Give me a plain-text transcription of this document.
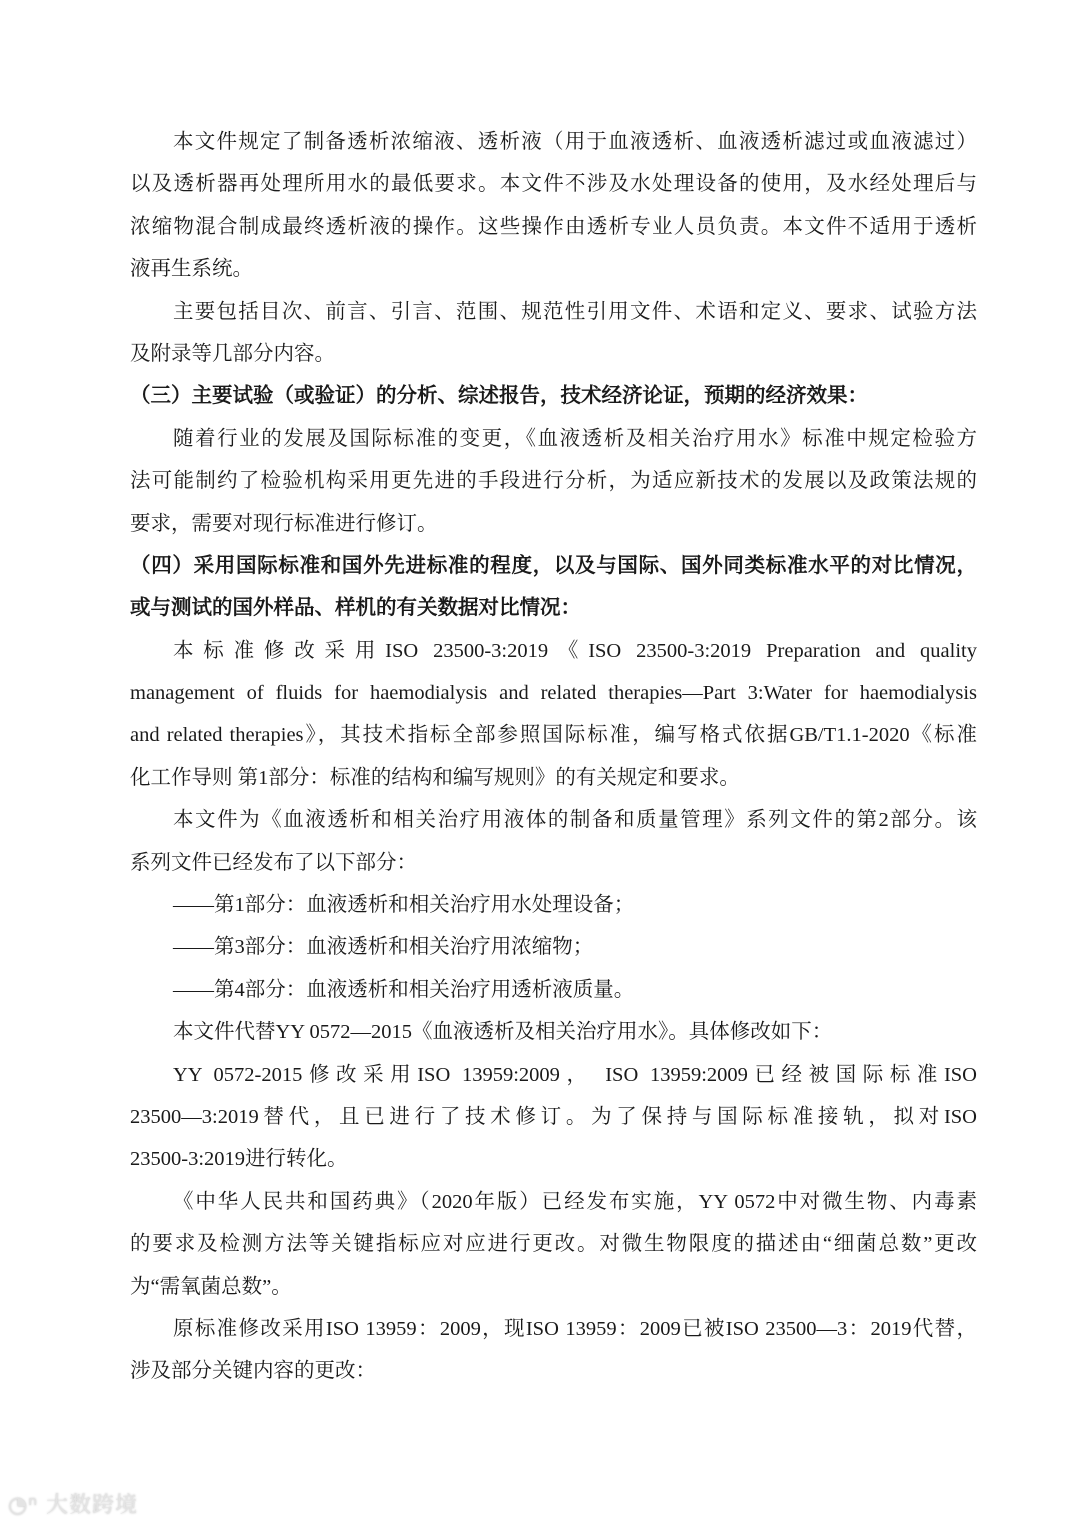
本文件规定了制备透析浓缩液、透析液（用于血液透析、血液透析滤过或血液滤过）
以及透析器再处理所用水的最低要求。本文件不涉及水处理设备的使用，及水经处理后与
浓缩物混合制成最终透析液的操作。这些操作由透析专业人员负责。本文件不适用于透析
液再生系统。
主要包括目次、前言、引言、范围、规范性引用文件、术语和定义、要求、试验方法
及附录等几部分内容。
（三）主要试验（或验证）的分析、综述报告，技术经济论证，预期的经济效果：
随着行业的发展及国际标准的变更，《血液透析及相关治疗用水》标准中规定检验方
法可能制约了检验机构采用更先进的手段进行分析，为适应新技术的发展以及政策法规的
要求，需要对现行标准进行修订。
（四）采用国际标准和国外先进标准的程度，以及与国际、国外同类标准水平的对比情况，
或与测试的国外样品、样机的有关数据对比情况：
本标准修改采用ISO 23500-3:2019《ISO 23500-3:2019 Preparation and quality
management of fluids for haemodialysis and related therapies—Part 3:Water for haemodialysis
and related therapies》，其技术指标全部参照国际标准，编写格式依据GB/T1.1-2020《标准
化工作导则 第1部分：标准的结构和编写规则》的有关规定和要求。
本文件为《血液透析和相关治疗用液体的制备和质量管理》系列文件的第2部分。该
系列文件已经发布了以下部分：
——第1部分：血液透析和相关治疗用水处理设备；
——第3部分：血液透析和相关治疗用浓缩物；
——第4部分：血液透析和相关治疗用透析液质量。
本文件代替YY 0572—2015《血液透析及相关治疗用水》。具体修改如下：
YY 0572-2015修改采用ISO 13959:2009， ISO 13959:2009已经被国际标准ISO
23500—3:2019替代，且已进行了技术修订。为了保持与国际标准接轨，拟对ISO
23500-3:2019进行转化。
《中华人民共和国药典》（2020年版）已经发布实施，YY 0572中对微生物、内毒素
的要求及检测方法等关键指标应对应进行更改。对微生物限度的描述由“细菌总数”更改
为“需氧菌总数”。
原标准修改采用ISO 13959：2009，现ISO 13959：2009已被ISO 23500—3：2019代替，
涉及部分关键内容的更改：
◔ⁿ 大数跨境
